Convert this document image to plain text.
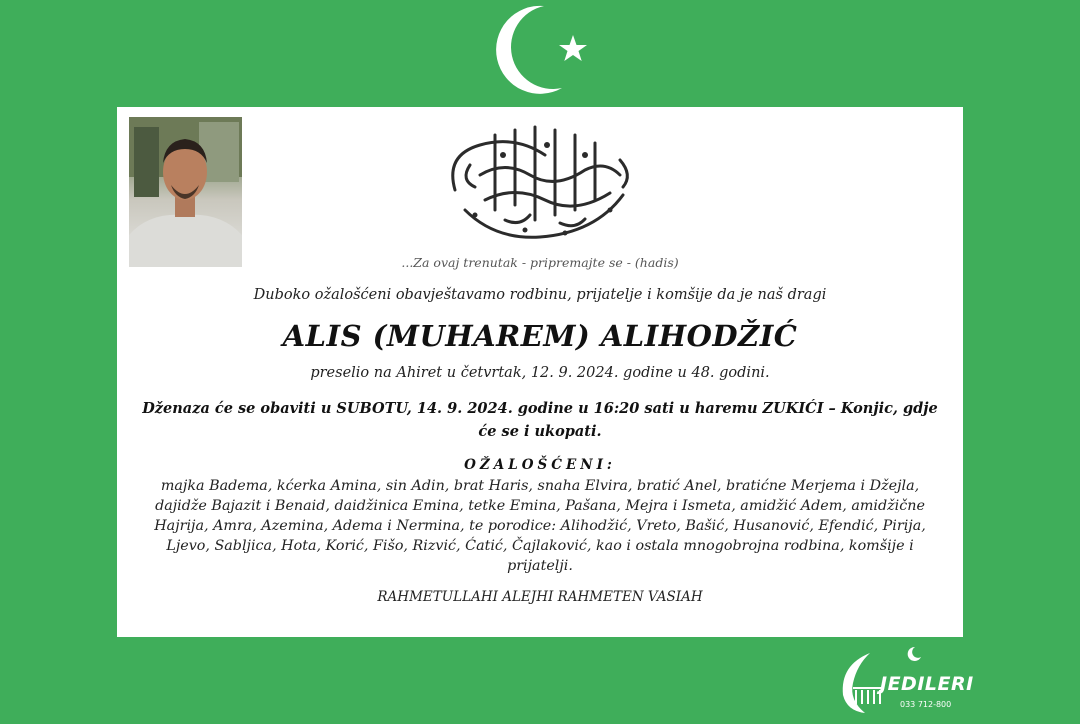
...Za ovaj trenutak - pripremajte se - (hadis)
Duboko ožalošćeni obavještavamo rodbinu, prijatelje i komšije da je naš dragi
ALIS (MUHAREM) ALIHODŽIĆ
preselio na Ahiret u četvrtak, 12. 9. 2024. godine u 48. godini.
Dženaza će se obaviti u SUBOTU, 14. 9. 2024. godine u 16:20 sati u haremu ZUKIĆI – Konjic, gdje će se i ukopati.
OŽALOŠĆENI:
majka Badema, kćerka Amina, sin Adin, brat Haris, snaha Elvira, bratić Anel, bratićne Merjema i Džejla, dajidže Bajazit i Benaid, daidžinica Emina, tetke Emina, Pašana, Mejra i Ismeta, amidžić Adem, amidžične Hajrija, Amra, Azemina, Adema i Nermina, te porodice: Alihodžić, Vreto, Bašić, Husanović, Efendić, Pirija, Ljevo, Sabljica, Hota, Korić, Fišo, Rizvić, Ćatić, Čajlaković, kao i ostala mnogobrojna rodbina, komšije i prijatelji.
RAHMETULLAHI ALEJHI RAHMETEN VASIAH
JEDILERI
033 712-800
